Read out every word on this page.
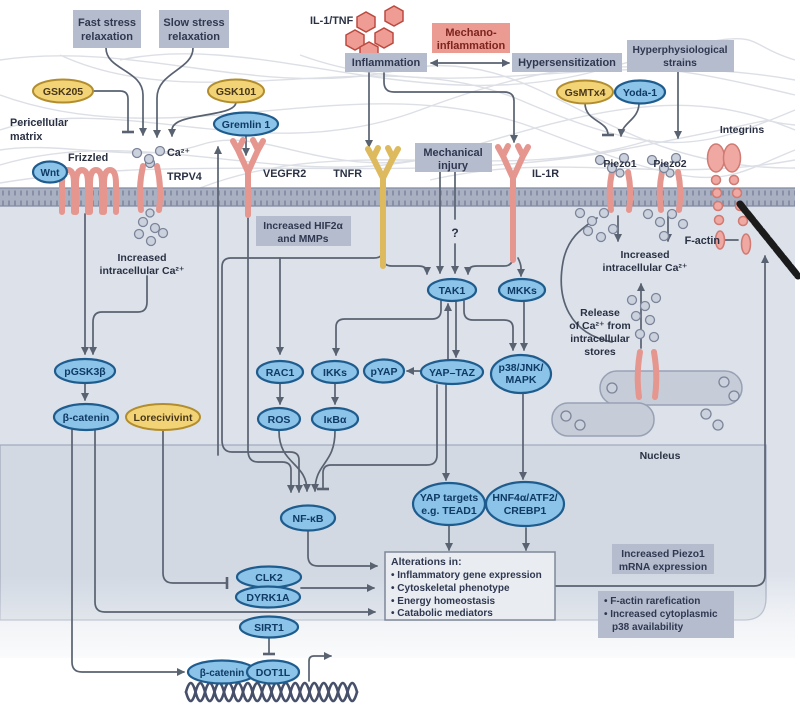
Fast stress
relaxation
Slow stress
relaxation	Mechano-
inflammation
Inflammation	Hypersensitization
Hyperphysiological
strains
Mechanical
injury
Increased HIF2α
and MMPs
Increased Piezo1
mRNA expression
• F-actin rarefication
• Increased cytoplasmic
p38 availability
Alterations in:
• Inflammatory gene expression
• Cytoskeletal phenotype
• Energy homeostasis
• Catabolic mediators
GSK205	GSK101	GsMTx4 Yoda-1
Lorecivivint
Wnt
Gremlin 1
TAK1	MKKs
RAC1	IKKs pYAP	YAP–TAZ p38/JNK/
MAPK
ROS	IκBα
NF-κB
YAP targets
e.g. TEAD1
HNF4α/ATF2/
CREBP1
pGSK3β
β-catenin
CLK2
DYRK1A
SIRT1
β-catenin DOT1L
Pericellular
matrix
IL-1/TNF
Ca²⁺
Frizzled
TRPV4	VEGFR2	TNFR	IL-1R
Piezo1 Piezo2
Integrins
F-actin
Nucleus
?
Increased
intracellular Ca²⁺
Increased
intracellular Ca²⁺
Release
of Ca²⁺ from
intracellular
stores
